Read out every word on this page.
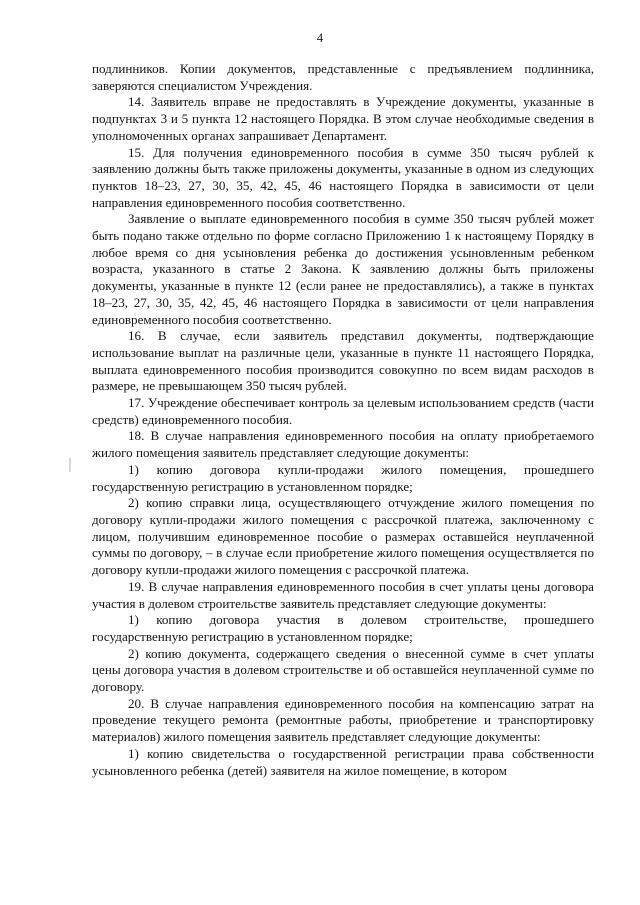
4

подлинников. Копии документов, представленные с предъявлением подлинника, заверяются специалистом Учреждения.

14. Заявитель вправе не предоставлять в Учреждение документы, указанные в подпунктах 3 и 5 пункта 12 настоящего Порядка. В этом случае необходимые сведения в уполномоченных органах запрашивает Департамент.

15. Для получения единовременного пособия в сумме 350 тысяч рублей к заявлению должны быть также приложены документы, указанные в одном из следующих пунктов 18–23, 27, 30, 35, 42, 45, 46 настоящего Порядка в зависимости от цели направления единовременного пособия соответственно.

Заявление о выплате единовременного пособия в сумме 350 тысяч рублей может быть подано также отдельно по форме согласно Приложению 1 к настоящему Порядку в любое время со дня усыновления ребенка до достижения усыновленным ребенком возраста, указанного в статье 2 Закона. К заявлению должны быть приложены документы, указанные в пункте 12 (если ранее не предоставлялись), а также в пунктах 18–23, 27, 30, 35, 42, 45, 46 настоящего Порядка в зависимости от цели направления единовременного пособия соответственно.

16. В случае, если заявитель представил документы, подтверждающие использование выплат на различные цели, указанные в пункте 11 настоящего Порядка, выплата единовременного пособия производится совокупно по всем видам расходов в размере, не превышающем 350 тысяч рублей.

17. Учреждение обеспечивает контроль за целевым использованием средств (части средств) единовременного пособия.

18. В случае направления единовременного пособия на оплату приобретаемого жилого помещения заявитель представляет следующие документы:

1) копию договора купли-продажи жилого помещения, прошедшего государственную регистрацию в установленном порядке;

2) копию справки лица, осуществляющего отчуждение жилого помещения по договору купли-продажи жилого помещения с рассрочкой платежа, заключенному с лицом, получившим единовременное пособие о размерах оставшейся неуплаченной суммы по договору, – в случае если приобретение жилого помещения осуществляется по договору купли-продажи жилого помещения с рассрочкой платежа.

19. В случае направления единовременного пособия в счет уплаты цены договора участия в долевом строительстве заявитель представляет следующие документы:

1) копию договора участия в долевом строительстве, прошедшего государственную регистрацию в установленном порядке;

2) копию документа, содержащего сведения о внесенной сумме в счет уплаты цены договора участия в долевом строительстве и об оставшейся неуплаченной сумме по договору.

20. В случае направления единовременного пособия на компенсацию затрат на проведение текущего ремонта (ремонтные работы, приобретение и транспортировку материалов) жилого помещения заявитель представляет следующие документы:

1) копию свидетельства о государственной регистрации права собственности усыновленного ребенка (детей) заявителя на жилое помещение, в котором
